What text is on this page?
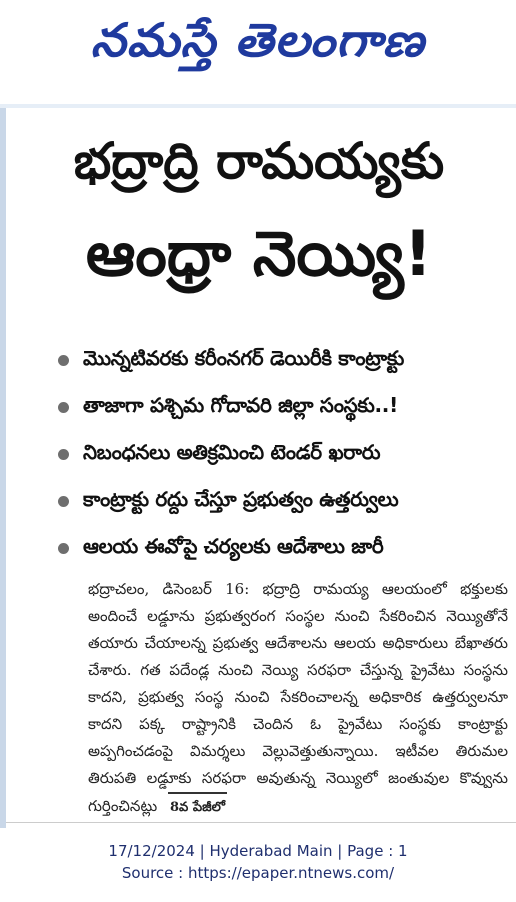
నమస్తే తెలంగాణ
భద్రాద్రి రామయ్యకు
ఆంధ్రా నెయ్యి!
మొన్నటివరకు కరీంనగర్ డెయిరీకి కాంట్రాక్టు
తాజాగా పశ్చిమ గోదావరి జిల్లా సంస్థకు..!
నిబంధనలు అతిక్రమించి టెండర్ ఖరారు
కాంట్రాక్టు రద్దు చేస్తూ ప్రభుత్వం ఉత్తర్వులు
ఆలయ ఈవోపై చర్యలకు ఆదేశాలు జారీ
భద్రాచలం, డిసెంబర్ 16: భద్రాద్రి రామయ్య ఆలయంలో భక్తులకు అందించే లడ్డూను ప్రభుత్వరంగ సంస్థల నుంచి సేకరించిన నెయ్యితోనే తయారు చేయాలన్న ప్రభుత్వ ఆదేశాలను ఆలయ అధికారులు బేఖాతరు చేశారు. గత పదేండ్ల నుంచి నెయ్యి సరఫరా చేస్తున్న ప్రైవేటు సంస్థను కాదని, ప్రభుత్వ సంస్థ నుంచి సేకరించాలన్న అధికారిక ఉత్తర్వులనూ కాదని పక్క రాష్ట్రానికి చెందిన ఓ ప్రైవేటు సంస్థకు కాంట్రాక్టు అప్పగించడంపై విమర్శలు వెల్లువెత్తుతున్నాయి. ఇటీవల తిరుమల తిరుపతి లడ్డూకు సరఫరా అవుతున్న నెయ్యిలో జంతువుల కొవ్వును గుర్తించినట్లు 8వ పేజీలో
17/12/2024 | Hyderabad Main | Page : 1
Source : https://epaper.ntnews.com/
